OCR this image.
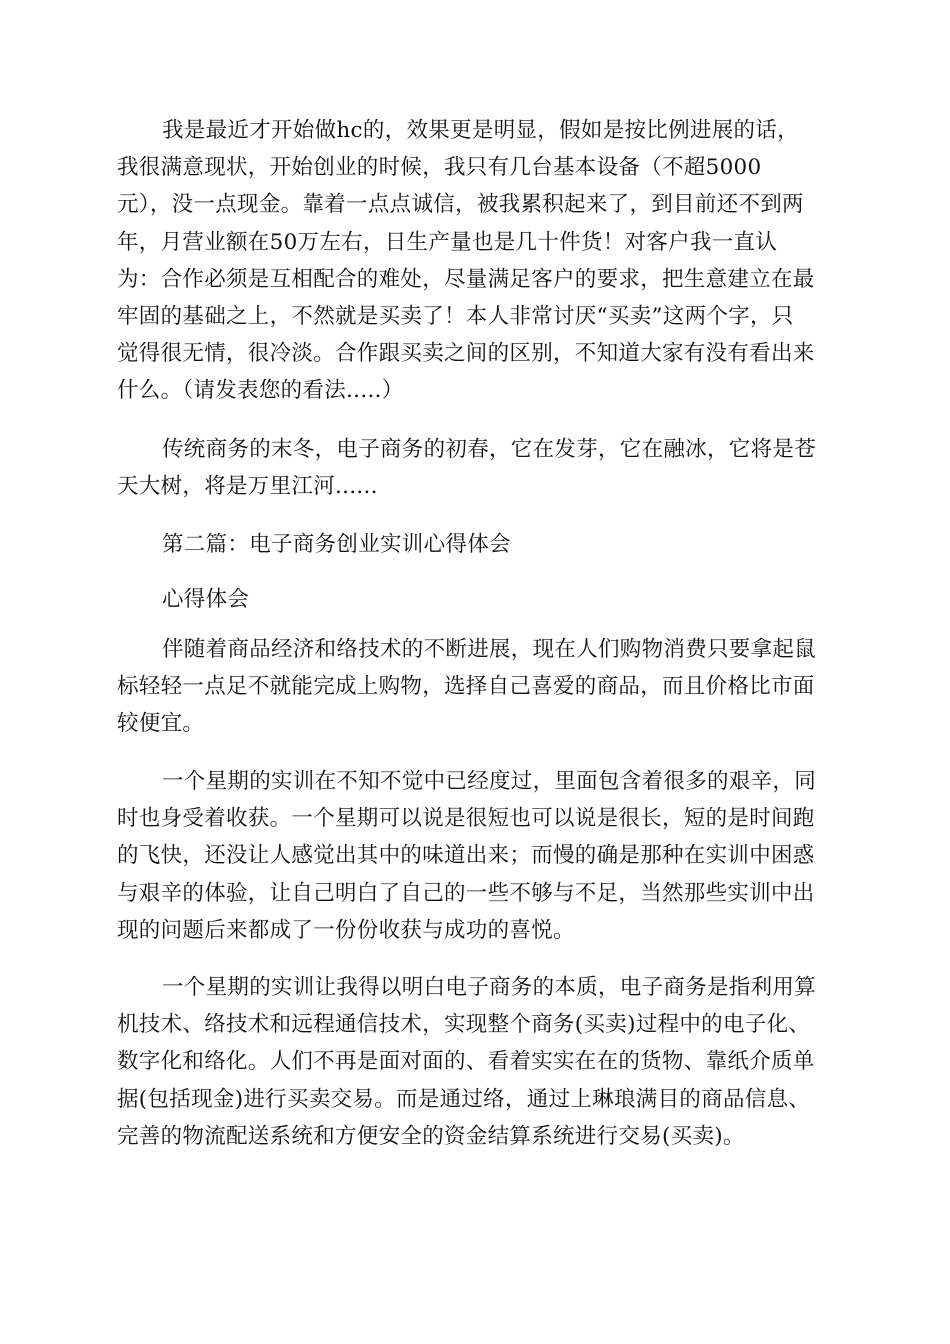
我是最近才开始做hc的，效果更是明显，假如是按比例进展的话，
我很满意现状，开始创业的时候，我只有几台基本设备（不超5000
元），没一点现金。靠着一点点诚信，被我累积起来了，到目前还不到两
年，月营业额在50万左右，日生产量也是几十件货！对客户我一直认
为：合作必须是互相配合的难处，尽量满足客户的要求，把生意建立在最
牢固的基础之上，不然就是买卖了！本人非常讨厌“买卖”这两个字，只
觉得很无情，很冷淡。合作跟买卖之间的区别，不知道大家有没有看出来
什么。（请发表您的看法.....）
传统商务的末冬，电子商务的初春，它在发芽，它在融冰，它将是苍
天大树，将是万里江河......
第二篇：电子商务创业实训心得体会
心得体会
伴随着商品经济和络技术的不断进展，现在人们购物消费只要拿起鼠
标轻轻一点足不就能完成上购物，选择自己喜爱的商品，而且价格比市面
较便宜。
一个星期的实训在不知不觉中已经度过，里面包含着很多的艰辛，同
时也身受着收获。一个星期可以说是很短也可以说是很长，短的是时间跑
的飞快，还没让人感觉出其中的味道出来；而慢的确是那种在实训中困惑
与艰辛的体验，让自己明白了自己的一些不够与不足，当然那些实训中出
现的问题后来都成了一份份收获与成功的喜悦。
一个星期的实训让我得以明白电子商务的本质，电子商务是指利用算
机技术、络技术和远程通信技术，实现整个商务(买卖)过程中的电子化、
数字化和络化。人们不再是面对面的、看着实实在在的货物、靠纸介质单
据(包括现金)进行买卖交易。而是通过络，通过上琳琅满目的商品信息、
完善的物流配送系统和方便安全的资金结算系统进行交易(买卖)。
